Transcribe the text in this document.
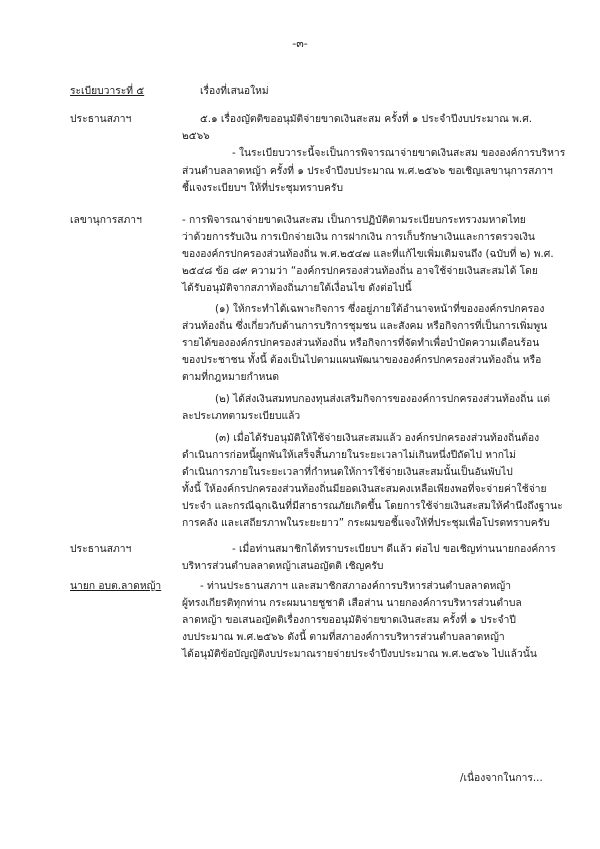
-๓-
ระเบียบวาระที่ ๕	เรื่องที่เสนอใหม่
ประธานสภาฯ	๕.๑ เรื่องญัตติขออนุมัติจ่ายขาดเงินสะสม ครั้งที่ ๑ ประจำปีงบประมาณ พ.ศ.
๒๕๖๖
- ในระเบียบวาระนี้จะเป็นการพิจารณาจ่ายขาดเงินสะสม ขององค์การบริหาร
ส่วนตำบลลาดหญ้า ครั้งที่ ๑ ประจำปีงบประมาณ พ.ศ.๒๕๖๖ ขอเชิญเลขานุการสภาฯ
ชี้แจงระเบียบฯ ให้ที่ประชุมทราบครับ
เลขานุการสภาฯ	- การพิจารณาจ่ายขาดเงินสะสม เป็นการปฏิบัติตามระเบียบกระทรวงมหาดไทย
ว่าด้วยการรับเงิน การเบิกจ่ายเงิน การฝากเงิน การเก็บรักษาเงินและการตรวจเงิน
ขององค์กรปกครองส่วนท้องถิ่น พ.ศ.๒๕๔๗ และที่แก้ไขเพิ่มเติมจนถึง (ฉบับที่ ๒) พ.ศ.
๒๕๔๘ ข้อ ๘๙ ความว่า “องค์กรปกครองส่วนท้องถิ่น อาจใช้จ่ายเงินสะสมได้ โดย
ได้รับอนุมัติจากสภาท้องถิ่นภายใต้เงื่อนไข ดังต่อไปนี้
(๑) ให้กระทำได้เฉพาะกิจการ ซึ่งอยู่ภายใต้อำนาจหน้าที่ขององค์กรปกครอง
ส่วนท้องถิ่น ซึ่งเกี่ยวกับด้านการบริการชุมชน และสังคม หรือกิจการที่เป็นการเพิ่มพูน
รายได้ขององค์กรปกครองส่วนท้องถิ่น หรือกิจการที่จัดทำเพื่อบำบัดความเดือนร้อน
ของประชาชน ทั้งนี้ ต้องเป็นไปตามแผนพัฒนาขององค์กรปกครองส่วนท้องถิ่น หรือ
ตามที่กฎหมายกำหนด
(๒) ได้ส่งเงินสมทบกองทุนส่งเสริมกิจการขององค์การปกครองส่วนท้องถิ่น แต่
ละประเภทตามระเบียบแล้ว
(๓) เมื่อได้รับอนุมัติให้ใช้จ่ายเงินสะสมแล้ว องค์กรปกครองส่วนท้องถิ่นต้อง
ดำเนินการก่อหนี้ผูกพันให้เสร็จสิ้นภายในระยะเวลาไม่เกินหนึ่งปีถัดไป หากไม่
ดำเนินการภายในระยะเวลาที่กำหนดให้การใช้จ่ายเงินสะสมนั้นเป็นอันพับไป
ทั้งนี้ ให้องค์กรปกครองส่วนท้องถิ่นมียอดเงินสะสมคงเหลือเพียงพอที่จะจ่ายค่าใช้จ่าย
ประจำ และกรณีฉุกเฉินที่มีสาธารณภัยเกิดขึ้น โดยการใช้จ่ายเงินสะสมให้คำนึงถึงฐานะ
การคลัง และเสถียรภาพในระยะยาว” กระผมขอชี้แจงให้ที่ประชุมเพื่อโปรดทราบครับ
ประธานสภาฯ	- เมื่อท่านสมาชิกได้ทราบระเบียบฯ ดีแล้ว ต่อไป ขอเชิญท่านนายกองค์การ
บริหารส่วนตำบลลาดหญ้าเสนอญัตติ เชิญครับ
นายก อบต.ลาดหญ้า	- ท่านประธานสภาฯ และสมาชิกสภาองค์การบริหารส่วนตำบลลาดหญ้า
ผู้ทรงเกียรติทุกท่าน กระผมนายชูชาติ เสือส่าน นายกองค์การบริหารส่วนตำบล
ลาดหญ้า ขอเสนอญัตติเรื่องการขออนุมัติจ่ายขาดเงินสะสม ครั้งที่ ๑ ประจำปี
งบประมาณ พ.ศ.๒๕๖๖ ดังนี้ ตามที่สภาองค์การบริหารส่วนตำบลลาดหญ้า
ได้อนุมัติข้อบัญญัติงบประมาณรายจ่ายประจำปีงบประมาณ พ.ศ.๒๕๖๖ ไปแล้วนั้น
/เนื่องจากในการ...
